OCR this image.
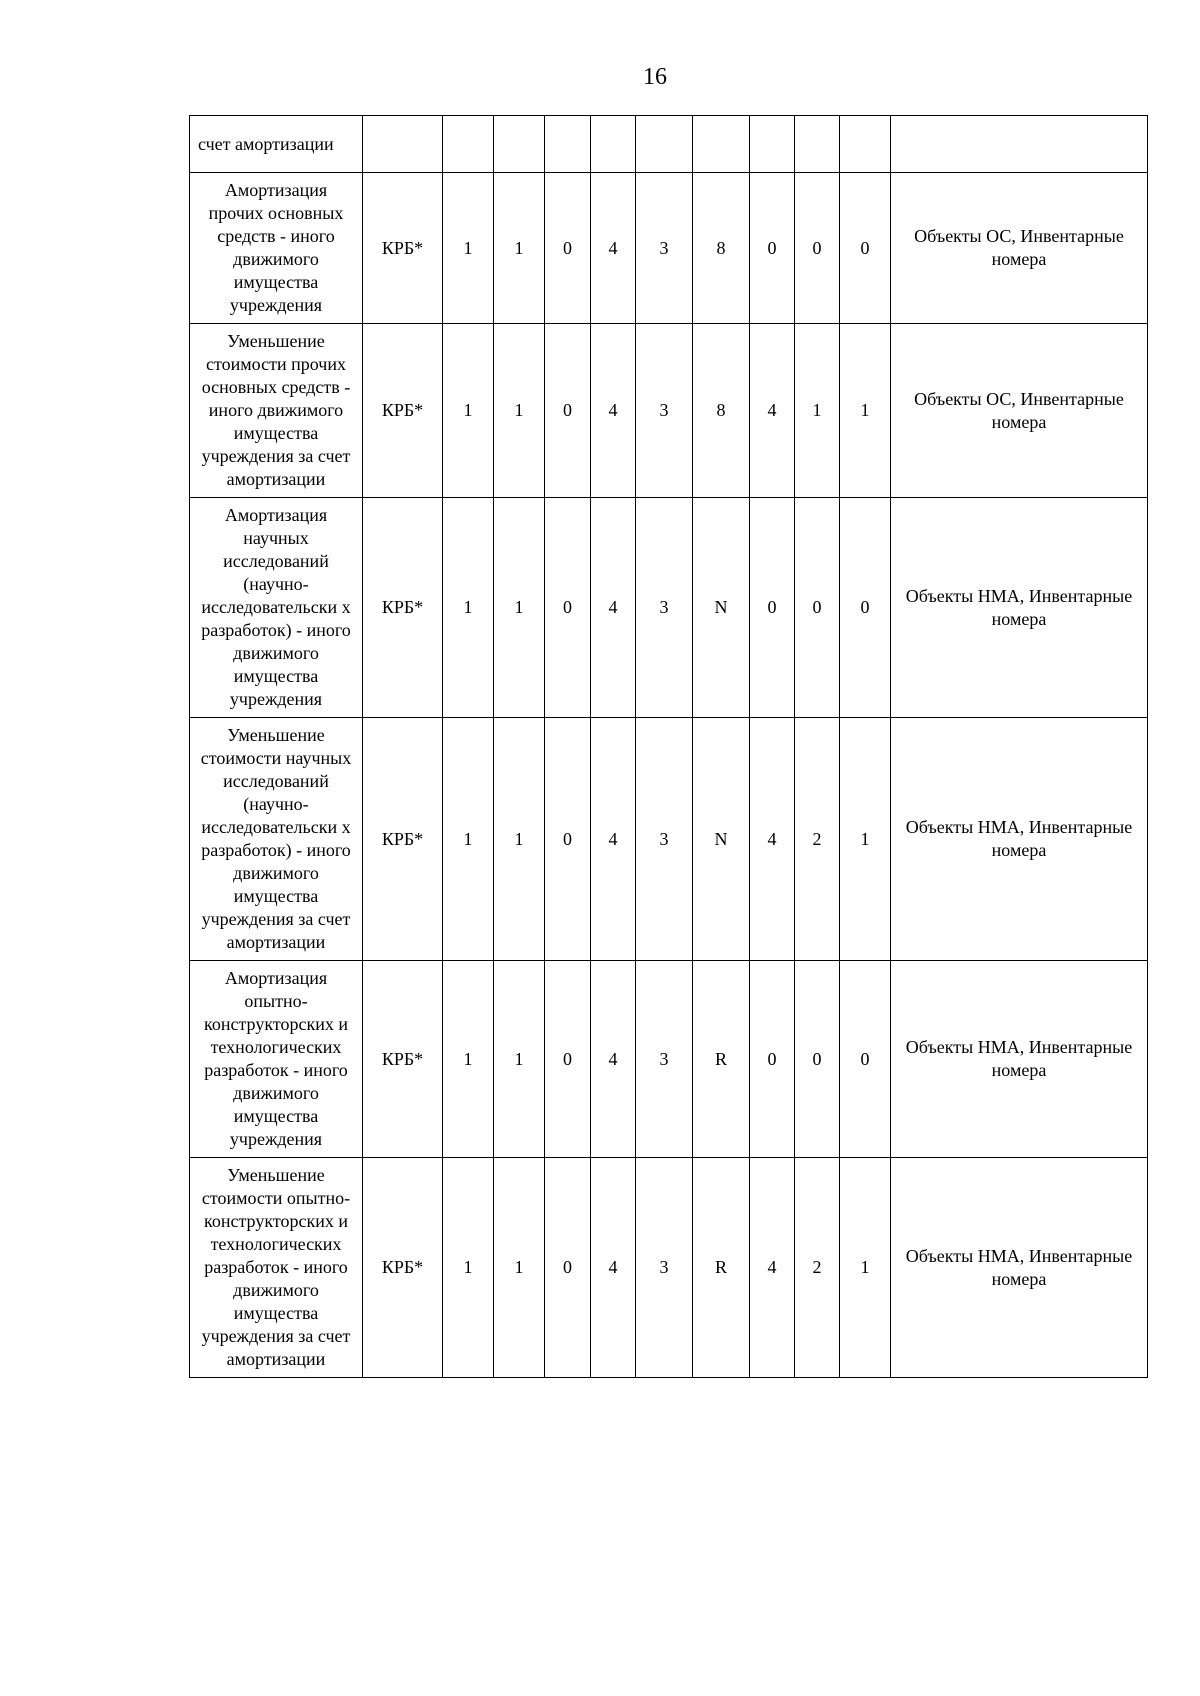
16
счет амортизации											
Амортизация прочих основных средств - иного движимого имущества учреждения	КРБ*	1	1	0	4	3	8	0	0	0	Объекты ОС, Инвентарные номера
Уменьшение стоимости прочих основных средств - иного движимого имущества учреждения за счет амортизации	КРБ*	1	1	0	4	3	8	4	1	1	Объекты ОС, Инвентарные номера
Амортизация научных исследований (научно-исследовательски х разработок) - иного движимого имущества учреждения	КРБ*	1	1	0	4	3	N	0	0	0	Объекты НМА, Инвентарные номера
Уменьшение стоимости научных исследований (научно-исследовательски х разработок) - иного движимого имущества учреждения за счет амортизации	КРБ*	1	1	0	4	3	N	4	2	1	Объекты НМА, Инвентарные номера
Амортизация опытно-конструкторских и технологических разработок - иного движимого имущества учреждения	КРБ*	1	1	0	4	3	R	0	0	0	Объекты НМА, Инвентарные номера
Уменьшение стоимости опытно-конструкторских и технологических разработок - иного движимого имущества учреждения за счет амортизации	КРБ*	1	1	0	4	3	R	4	2	1	Объекты НМА, Инвентарные номера
